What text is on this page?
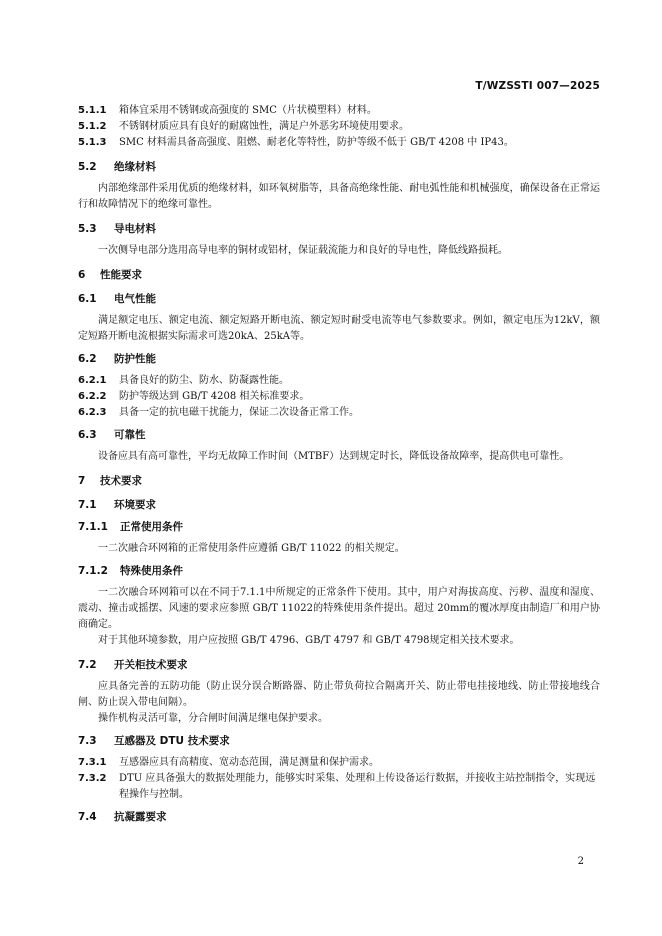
T/WZSSTI 007—2025
5.1.1	箱体宜采用不锈钢或高强度的 SMC（片状模塑料）材料。
5.1.2	不锈钢材质应具有良好的耐腐蚀性，满足户外恶劣环境使用要求。
5.1.3	SMC 材料需具备高强度、阻燃、耐老化等特性，防护等级不低于 GB/T 4208 中 IP43。
5.2	绝缘材料
内部绝缘部件采用优质的绝缘材料，如环氧树脂等，具备高绝缘性能、耐电弧性能和机械强度，确保设备在正常运行和故障情况下的绝缘可靠性。
5.3	导电材料
一次侧导电部分选用高导电率的铜材或铝材，保证载流能力和良好的导电性，降低线路损耗。
6	性能要求
6.1	电气性能
满足额定电压、额定电流、额定短路开断电流、额定短时耐受电流等电气参数要求。例如，额定电压为12kV，额定短路开断电流根据实际需求可选20kA、25kA等。
6.2	防护性能
6.2.1	具备良好的防尘、防水、防凝露性能。
6.2.2	防护等级达到 GB/T 4208 相关标准要求。
6.2.3	具备一定的抗电磁干扰能力，保证二次设备正常工作。
6.3	可靠性
设备应具有高可靠性，平均无故障工作时间（MTBF）达到规定时长，降低设备故障率，提高供电可靠性。
7	技术要求
7.1	环境要求
7.1.1	正常使用条件
一二次融合环网箱的正常使用条件应遵循 GB/T 11022 的相关规定。
7.1.2	特殊使用条件
一二次融合环网箱可以在不同于7.1.1中所规定的正常条件下使用。其中，用户对海拔高度、污秽、温度和湿度、震动、撞击或摇摆、风速的要求应参照 GB/T 11022的特殊使用条件提出。超过 20mm的覆冰厚度由制造厂和用户协商确定。
对于其他环境参数，用户应按照 GB/T 4796、GB/T 4797 和 GB/T 4798规定相关技术要求。
7.2	开关柜技术要求
应具备完善的五防功能（防止误分误合断路器、防止带负荷拉合隔离开关、防止带电挂接地线、防止带接地线合闸、防止误入带电间隔）。
操作机构灵活可靠，分合闸时间满足继电保护要求。
7.3	互感器及 DTU 技术要求
7.3.1	互感器应具有高精度、宽动态范围，满足测量和保护需求。
7.3.2	DTU 应具备强大的数据处理能力，能够实时采集、处理和上传设备运行数据，并接收主站控制指令，实现远程操作与控制。
7.4	抗凝露要求
2
